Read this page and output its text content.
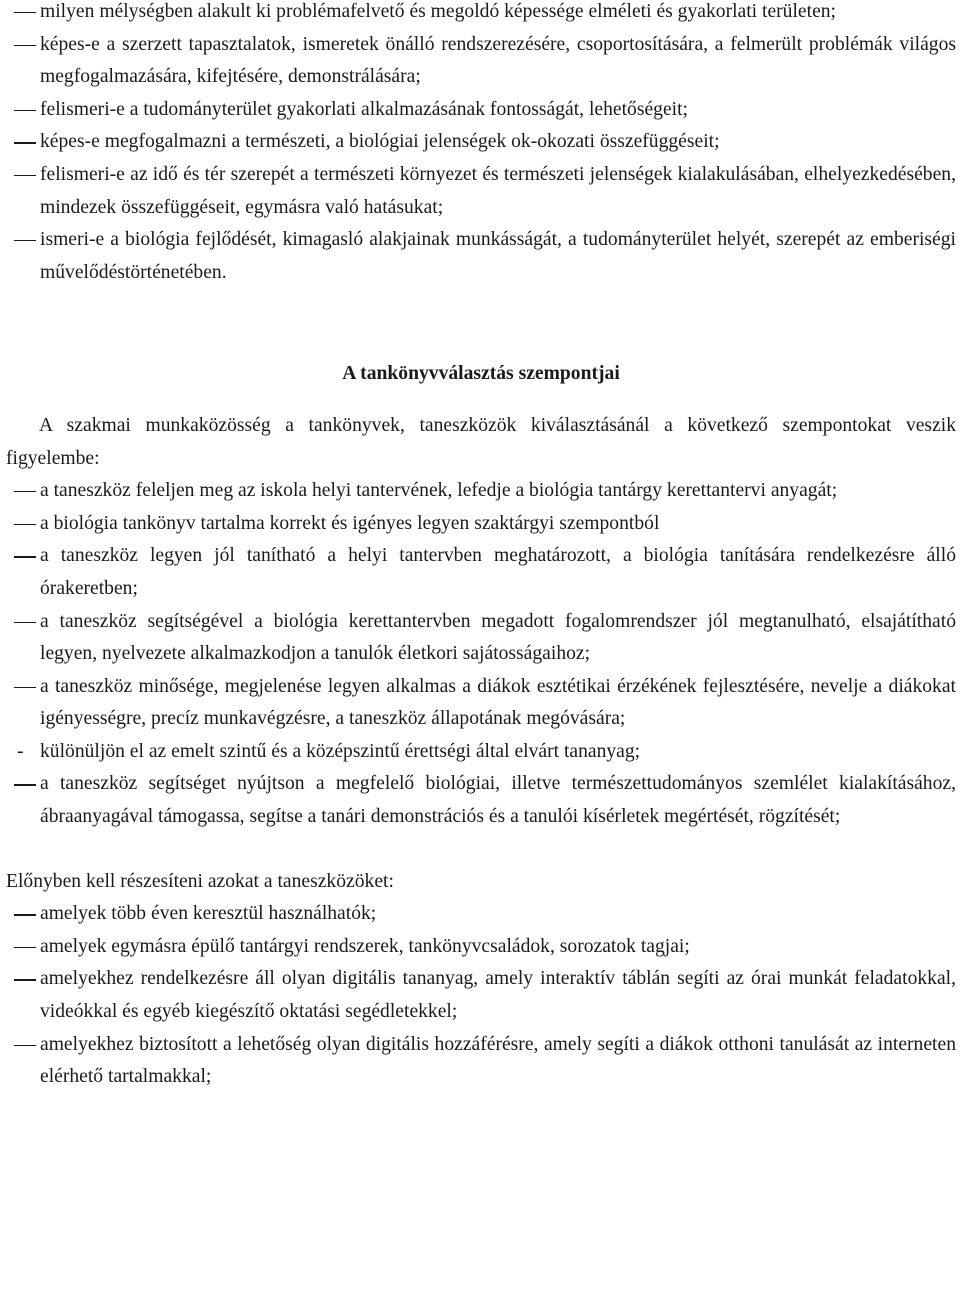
milyen mélységben alakult ki problémafelvető és megoldó képessége elméleti és gyakorlati területen;
képes-e a szerzett tapasztalatok, ismeretek önálló rendszerezésére, csoportosítására, a felmerült problémák világos megfogalmazására, kifejtésére, demonstrálására;
felismeri-e a tudományterület gyakorlati alkalmazásának fontosságát, lehetőségeit;
képes-e megfogalmazni a természeti, a biológiai jelenségek ok-okozati összefüggéseit;
felismeri-e az idő és tér szerepét a természeti környezet és természeti jelenségek kialakulásában, elhelyezkedésében, mindezek összefüggéseit, egymásra való hatásukat;
ismeri-e a biológia fejlődését, kimagasló alakjainak munkásságát, a tudományterület helyét, szerepét az emberiségi művelődéstörténetében.
A tankönyvválasztás szempontjai

A szakmai munkaközösség a tankönyvek, taneszközök kiválasztásánál a következő szempontokat veszik figyelembe:

a taneszköz feleljen meg az iskola helyi tantervének, lefedje a biológia tantárgy kerettantervi anyagát;
a biológia tankönyv tartalma korrekt és igényes legyen szaktárgyi szempontból
a taneszköz legyen jól tanítható a helyi tantervben meghatározott, a biológia tanítására rendelkezésre álló órakeretben;
a taneszköz segítségével a biológia kerettantervben megadott fogalomrendszer jól megtanulható, elsajátítható legyen, nyelvezete alkalmazkodjon a tanulók életkori sajátosságaihoz;
a taneszköz minősége, megjelenése legyen alkalmas a diákok esztétikai érzékének fejlesztésére, nevelje a diákokat igényességre, precíz munkavégzésre, a taneszköz állapotának megóvására;
- különüljön el az emelt szintű és a középszintű érettségi által elvárt tananyag;
a taneszköz segítséget nyújtson a megfelelő biológiai, illetve természettudományos szemlélet kialakításához, ábraanyagával támogassa, segítse a tanári demonstrációs és a tanulói kísérletek megértését, rögzítését;

Előnyben kell részesíteni azokat a taneszközöket:

amelyek több éven keresztül használhatók;
amelyek egymásra épülő tantárgyi rendszerek, tankönyvcsaládok, sorozatok tagjai;
amelyekhez rendelkezésre áll olyan digitális tananyag, amely interaktív táblán segíti az órai munkát feladatokkal, videókkal és egyéb kiegészítő oktatási segédletekkel;
amelyekhez biztosított a lehetőség olyan digitális hozzáférésre, amely segíti a diákok otthoni tanulását az interneten elérhető tartalmakkal;
